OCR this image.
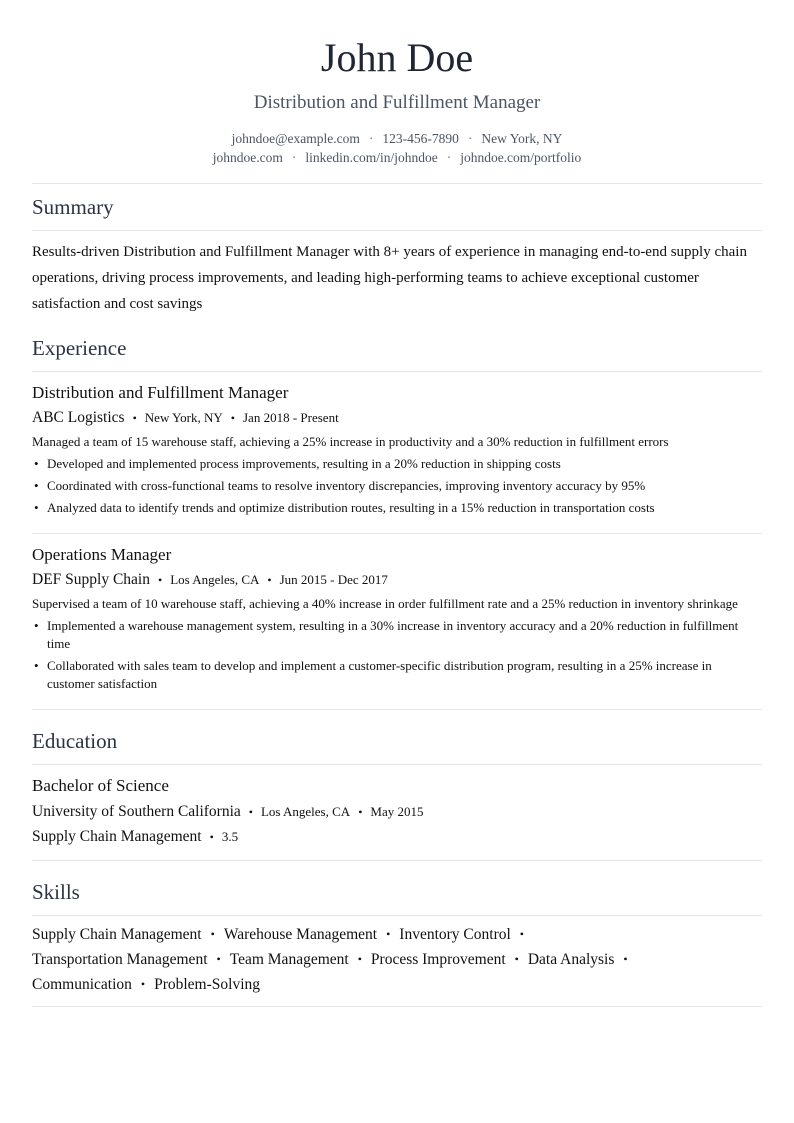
John Doe
Distribution and Fulfillment Manager
johndoe@example.com · 123-456-7890 · New York, NY
johndoe.com · linkedin.com/in/johndoe · johndoe.com/portfolio
Summary

Results-driven Distribution and Fulfillment Manager with 8+ years of experience in managing end-to-end supply chain operations, driving process improvements, and leading high-performing teams to achieve exceptional customer satisfaction and cost savings

Experience
Distribution and Fulfillment Manager
ABC Logistics • New York, NY • Jan 2018 - Present
Managed a team of 15 warehouse staff, achieving a 25% increase in productivity and a 30% reduction in fulfillment errors
• Developed and implemented process improvements, resulting in a 20% reduction in shipping costs
• Coordinated with cross-functional teams to resolve inventory discrepancies, improving inventory accuracy by 95%
• Analyzed data to identify trends and optimize distribution routes, resulting in a 15% reduction in transportation costs
Operations Manager
DEF Supply Chain • Los Angeles, CA • Jun 2015 - Dec 2017
Supervised a team of 10 warehouse staff, achieving a 40% increase in order fulfillment rate and a 25% reduction in inventory shrinkage
• Implemented a warehouse management system, resulting in a 30% increase in inventory accuracy and a 20% reduction in fulfillment time
• Collaborated with sales team to develop and implement a customer-specific distribution program, resulting in a 25% increase in customer satisfaction
Education
Bachelor of Science
University of Southern California • Los Angeles, CA • May 2015
Supply Chain Management • 3.5
Skills
Supply Chain Management • Warehouse Management • Inventory Control •
Transportation Management • Team Management • Process Improvement • Data Analysis •
Communication • Problem-Solving
